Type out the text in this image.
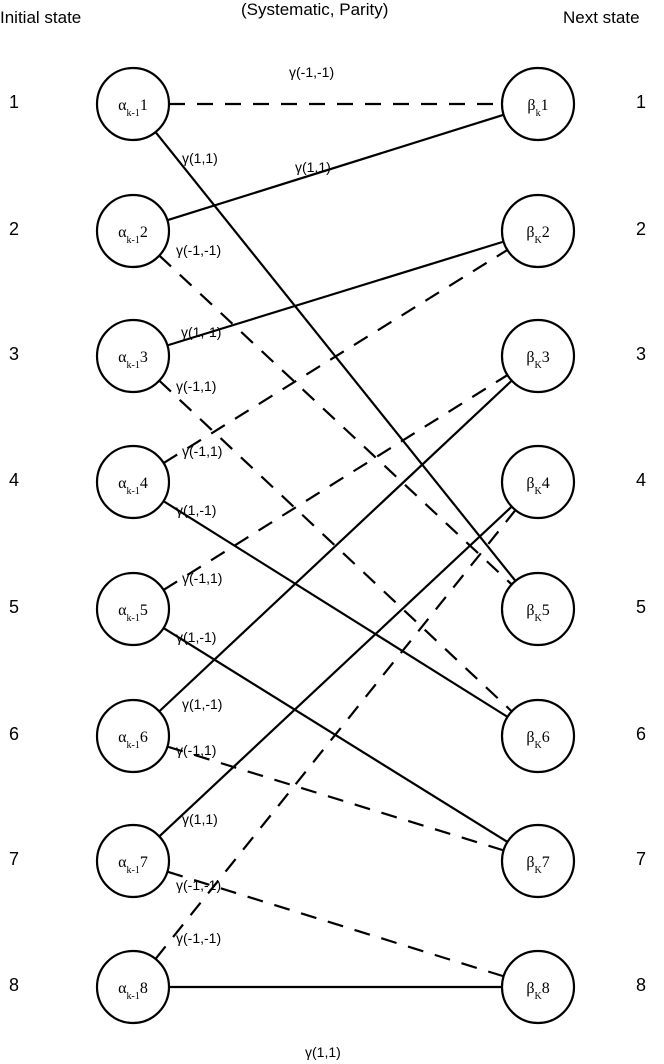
Initial state	(Systematic, Parity)	Next state
$\alpha_{k-1}1$
$\alpha_{k-1}2$
$\alpha_{k-1}3$
$\alpha_{k-1}4$
$\alpha_{k-1}5$
$\alpha_{k-1}6$
$\alpha_{k-1}7$
$\alpha_{k-1}8$
$\beta_k1$
$\beta_K2$
$\beta_K3$
$\beta_K4$
$\beta_K5$
$\beta_K6$
$\beta_K7$
$\beta_K8$
γ(-1,-1)
γ(1,1)
γ(1,1)
γ(-1,-1)
γ(1,-1)
γ(-1,1)
γ(-1,1)
γ(1,-1)
γ(-1,1)
γ(1,-1)
γ(1,-1)
γ(-1,1)
γ(1,1)
γ(-1,-1)
γ(-1,-1)
γ(1,1)
1
2
3
4
5
6
7
8
1
2
3
4
5
6
7
8
